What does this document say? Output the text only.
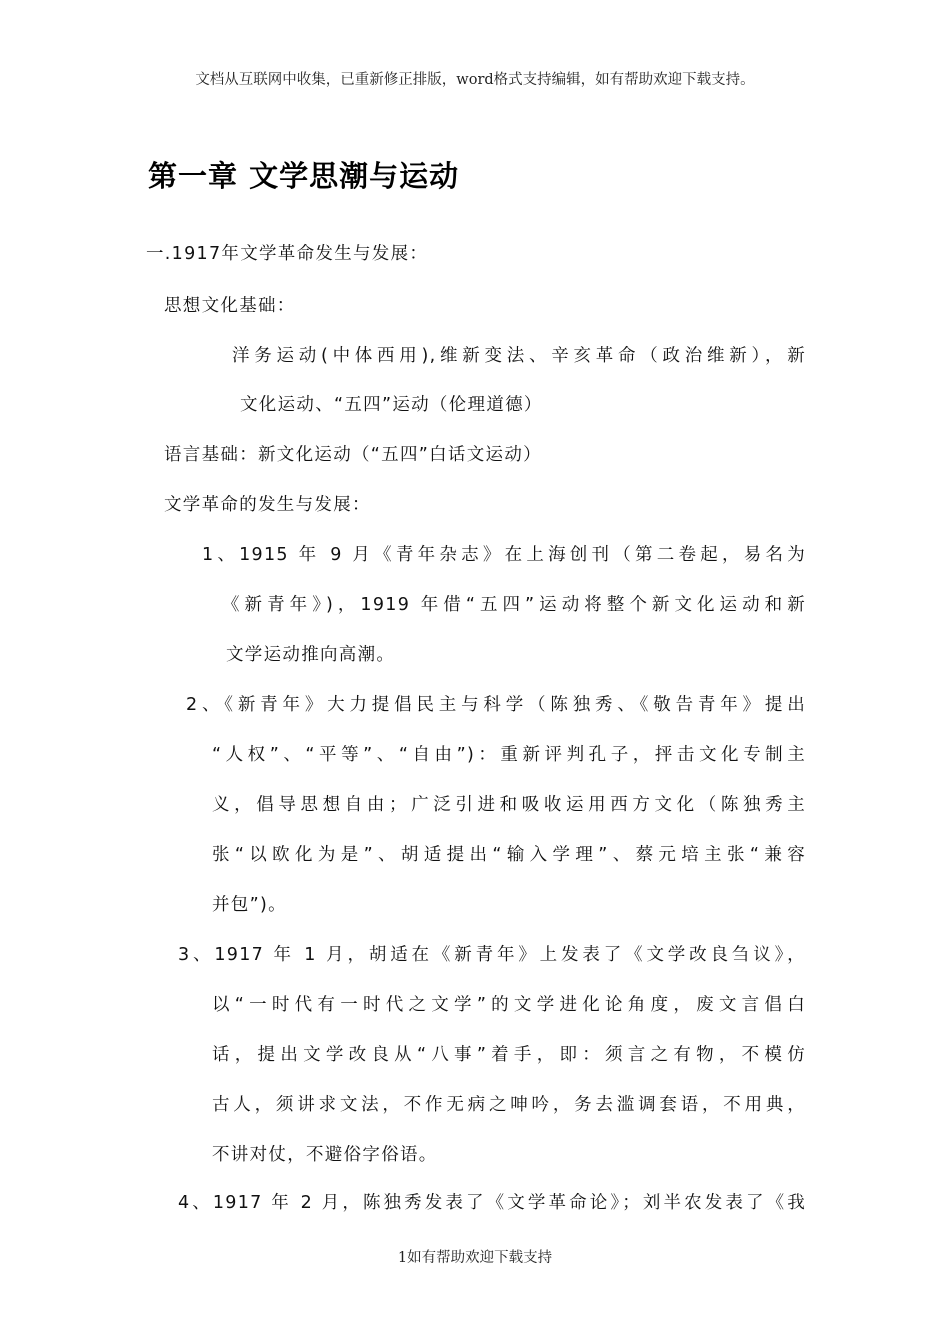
文档从互联网中收集，已重新修正排版，word格式支持编辑，如有帮助欢迎下载支持。
第一章 文学思潮与运动
一.1917年文学革命发生与发展：
思想文化基础：
洋务运动(中体西用),维新变法、辛亥革命（政治维新），新
文化运动、“五四”运动（伦理道德）
语言基础：新文化运动（“五四”白话文运动）
文学革命的发生与发展：
1、1915 年 9 月《青年杂志》在上海创刊（第二卷起，易名为
《新青年》)，1919 年借“五四”运动将整个新文化运动和新
文学运动推向高潮。
2、《新青年》大力提倡民主与科学（陈独秀、《敬告青年》提出
“人权”、“平等”、“自由”)：重新评判孔子，抨击文化专制主
义，倡导思想自由；广泛引进和吸收运用西方文化（陈独秀主
张“以欧化为是”、胡适提出“输入学理”、蔡元培主张“兼容
并包”)。
3、1917 年 1 月，胡适在《新青年》上发表了《文学改良刍议》，
以“一时代有一时代之文学”的文学进化论角度，废文言倡白
话，提出文学改良从“八事”着手，即：须言之有物，不模仿
古人，须讲求文法，不作无病之呻吟，务去滥调套语，不用典，
不讲对仗，不避俗字俗语。
4、1917 年 2 月，陈独秀发表了《文学革命论》；刘半农发表了《我
1如有帮助欢迎下载支持
